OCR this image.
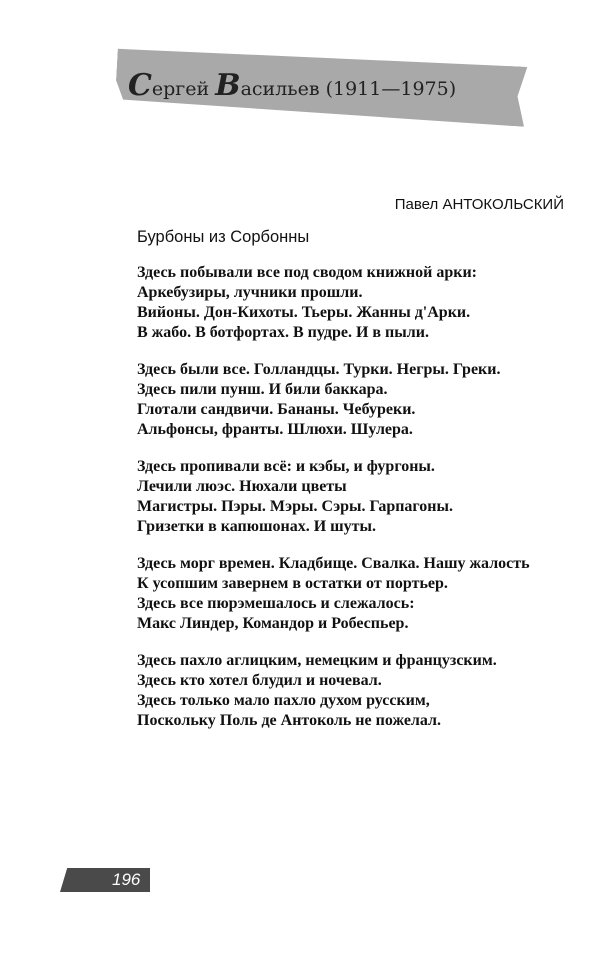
Сергей Васильев (1911—1975)
Павел АНТОКОЛЬСКИЙ
Бурбоны из Сорбонны
Здесь побывали все под сводом книжной арки:
Аркебузиры, лучники прошли.
Вийоны. Дон-Кихоты. Тьеры. Жанны д'Арки.
В жабо. В ботфортах. В пудре. И в пыли.
Здесь были все. Голландцы. Турки. Негры. Греки.
Здесь пили пунш. И били баккара.
Глотали сандвичи. Бананы. Чебуреки.
Альфонсы, франты. Шлюхи. Шулера.
Здесь пропивали всё: и кэбы, и фургоны.
Лечили люэс. Нюхали цветы
Магистры. Пэры. Мэры. Сэры. Гарпагоны.
Гризетки в капюшонах. И шуты.
Здесь морг времен. Кладбище. Свалка. Нашу жалость
К усопшим завернем в остатки от портьер.
Здесь все пюрэмешалось и слежалось:
Макс Линдер, Командор и Робеспьер.
Здесь пахло аглицким, немецким и французским.
Здесь кто хотел блудил и ночевал.
Здесь только мало пахло духом русским,
Поскольку Поль де Антоколь не пожелал.
196
